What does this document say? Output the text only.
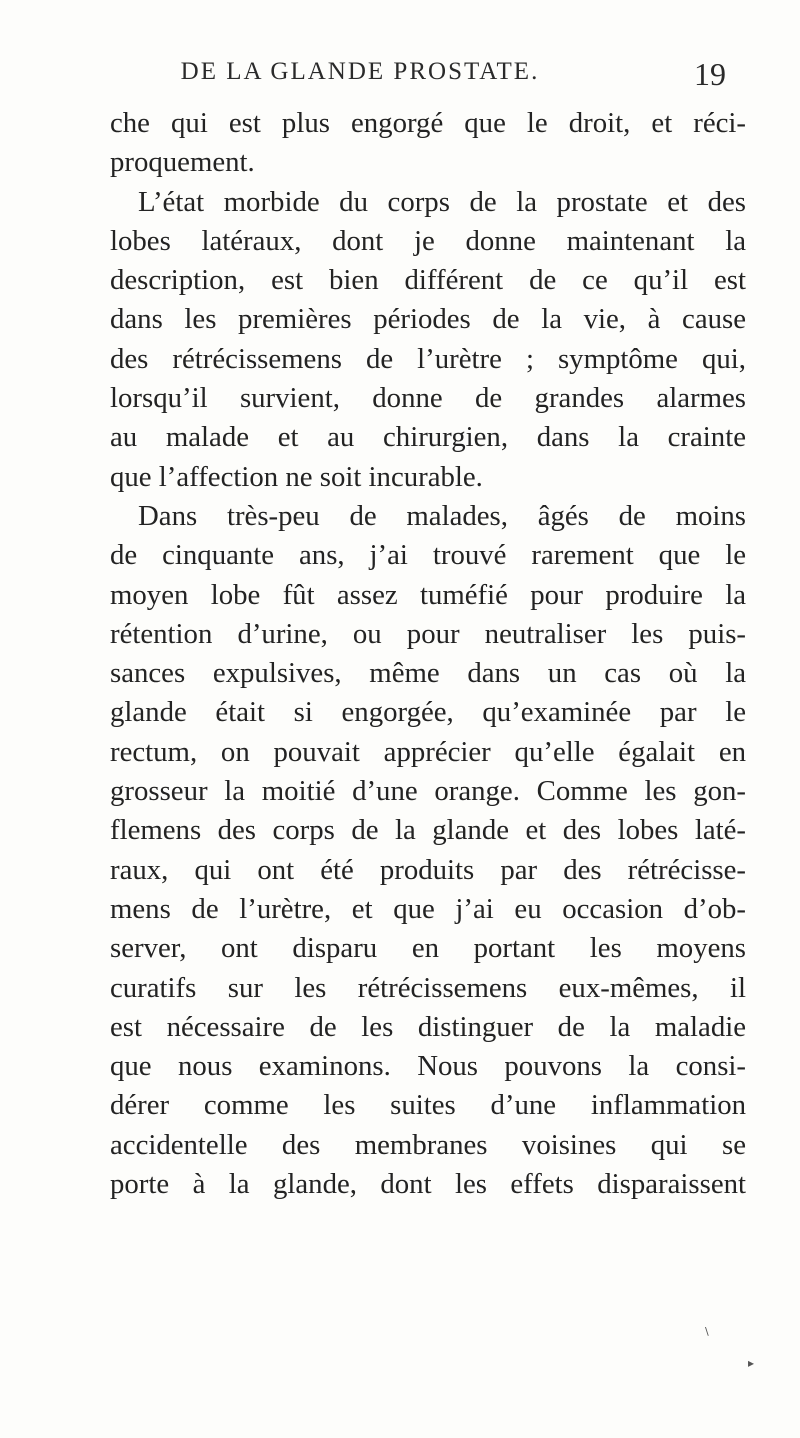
DE LA GLANDE PROSTATE.	19
che qui est plus engorgé que le droit, et réci-
proquement.
L’état morbide du corps de la prostate et des
lobes latéraux, dont je donne maintenant la
description, est bien différent de ce qu’il est
dans les premières périodes de la vie, à cause
des rétrécissemens de l’urètre ; symptôme qui,
lorsqu’il survient, donne de grandes alarmes
au malade et au chirurgien, dans la crainte
que l’affection ne soit incurable.
Dans très-peu de malades, âgés de moins
de cinquante ans, j’ai trouvé rarement que le
moyen lobe fût assez tuméfié pour produire la
rétention d’urine, ou pour neutraliser les puis-
sances expulsives, même dans un cas où la
glande était si engorgée, qu’examinée par le
rectum, on pouvait apprécier qu’elle égalait en
grosseur la moitié d’une orange. Comme les gon-
flemens des corps de la glande et des lobes laté-
raux, qui ont été produits par des rétrécisse-
mens de l’urètre, et que j’ai eu occasion d’ob-
server, ont disparu en portant les moyens
curatifs sur les rétrécissemens eux-mêmes, il
est nécessaire de les distinguer de la maladie
que nous examinons. Nous pouvons la consi-
dérer comme les suites d’une inflammation
accidentelle des membranes voisines qui se
porte à la glande, dont les effets disparaissent
\
▸
